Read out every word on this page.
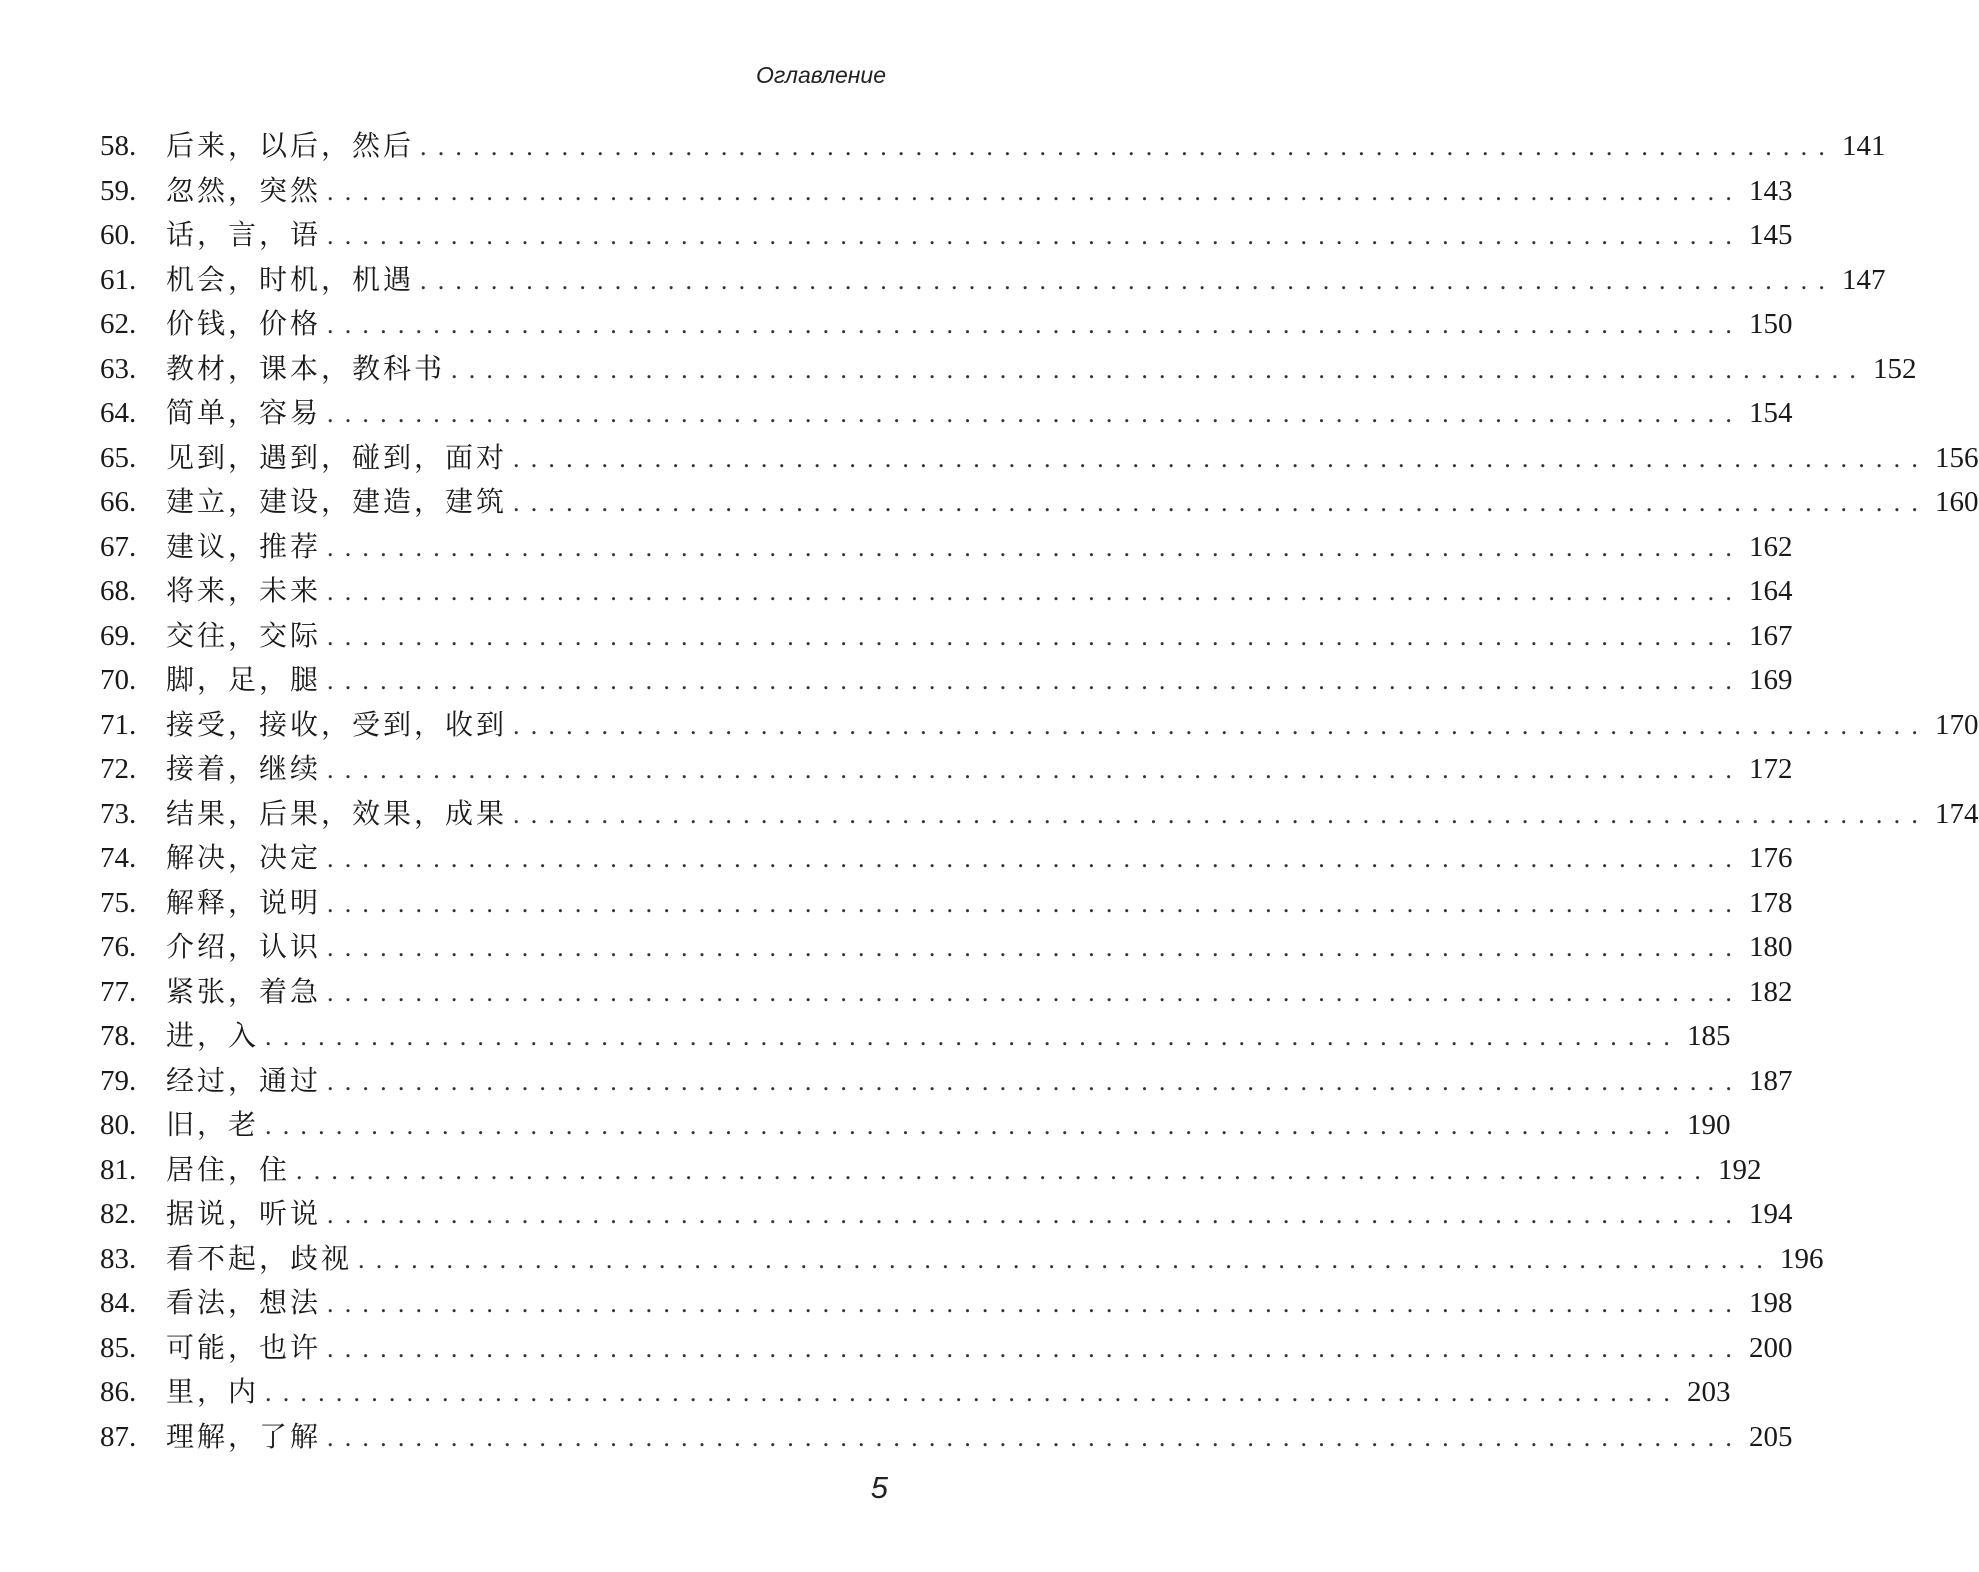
Оглавление
58.	后来，以后，然后 ................................................................................ 141
59.	忽然，突然 ................................................................................ 143
60.	话，言，语 ................................................................................ 145
61.	机会，时机，机遇 ................................................................................ 147
62.	价钱，价格 ................................................................................ 150
63.	教材，课本，教科书 ................................................................................ 152
64.	简单，容易 ................................................................................ 154
65.	见到，遇到，碰到，面对 ................................................................................ 156
66.	建立，建设，建造，建筑 ................................................................................ 160
67.	建议，推荐 ................................................................................ 162
68.	将来，未来 ................................................................................ 164
69.	交往，交际 ................................................................................ 167
70.	脚，足，腿 ................................................................................ 169
71.	接受，接收，受到，收到 ................................................................................ 170
72.	接着，继续 ................................................................................ 172
73.	结果，后果，效果，成果 ................................................................................ 174
74.	解决，决定 ................................................................................ 176
75.	解释，说明 ................................................................................ 178
76.	介绍，认识 ................................................................................ 180
77.	紧张，着急 ................................................................................ 182
78.	进，入 ................................................................................ 185
79.	经过，通过 ................................................................................ 187
80.	旧，老 ................................................................................ 190
81.	居住，住 ................................................................................ 192
82.	据说，听说 ................................................................................ 194
83.	看不起，歧视 ................................................................................ 196
84.	看法，想法 ................................................................................ 198
85.	可能，也许 ................................................................................ 200
86.	里，内 ................................................................................ 203
87.	理解，了解 ................................................................................ 205
5
